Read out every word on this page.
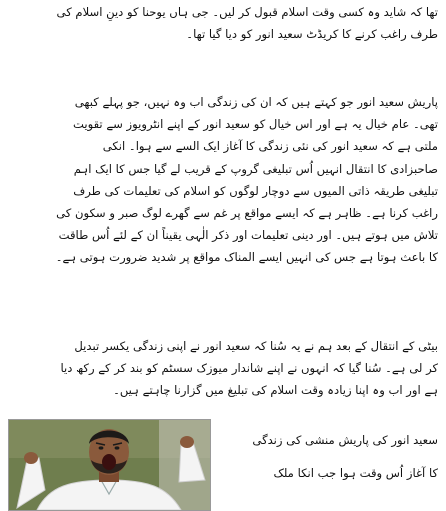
تھا کہ شاید وہ کسی وقت اسلام قبول کر لیں۔ جی ہاں یوحنا کو دینِ اسلام کی
طرف راغب کرنے کا کریڈٹ سعید انور کو دیا گیا تھا۔
پاریش سعید انور جو کہتے ہیں کہ ان کی زندگی اب وہ نہیں، جو پہلے کبھی
تھی۔ عام خیال یہ ہے اور اس خیال کو سعید انور کے اپنے انٹرویوز سے تقویت
ملتی ہے کہ سعید انور کی نئی زندگی کا آغاز ایک السے سے ہوا۔ انکی
صاحبزادی کا انتقال انہیں اُس تبلیغی گروپ کے قریب لے گیا جس کا ایک اہم
تبلیغی طریقہ ذاتی المیوں سے دوچار لوگوں کو اسلام کی تعلیمات کی طرف
راغب کرنا ہے۔ ظاہر ہے کہ ایسے مواقع پر غم سے گھرے لوگ صبر و سکون کی
تلاش میں ہوتے ہیں۔ اور دینی تعلیمات اور ذکر الٰہی یقیناً ان کے لئے اُس طاقت
کا باعث ہوتا ہے جس کی انہیں ایسے المناک مواقع پر شدید ضرورت ہوتی ہے۔
بیٹی کے انتقال کے بعد ہم نے یہ سُنا کہ سعید انور نے اپنی زندگی یکسر تبدیل
کر لی ہے۔ سُنا گیا کہ انہوں نے اپنے شاندار میوزک سسٹم کو بند کر کے رکھ دیا
ہے اور اب وہ اپنا زیادہ وقت اسلام کی تبلیغ میں گزارنا چاہتے ہیں۔
سعید انور کی پاریش منشی کی زندگی
کا آغاز اُس وقت ہوا جب انکا ملک
